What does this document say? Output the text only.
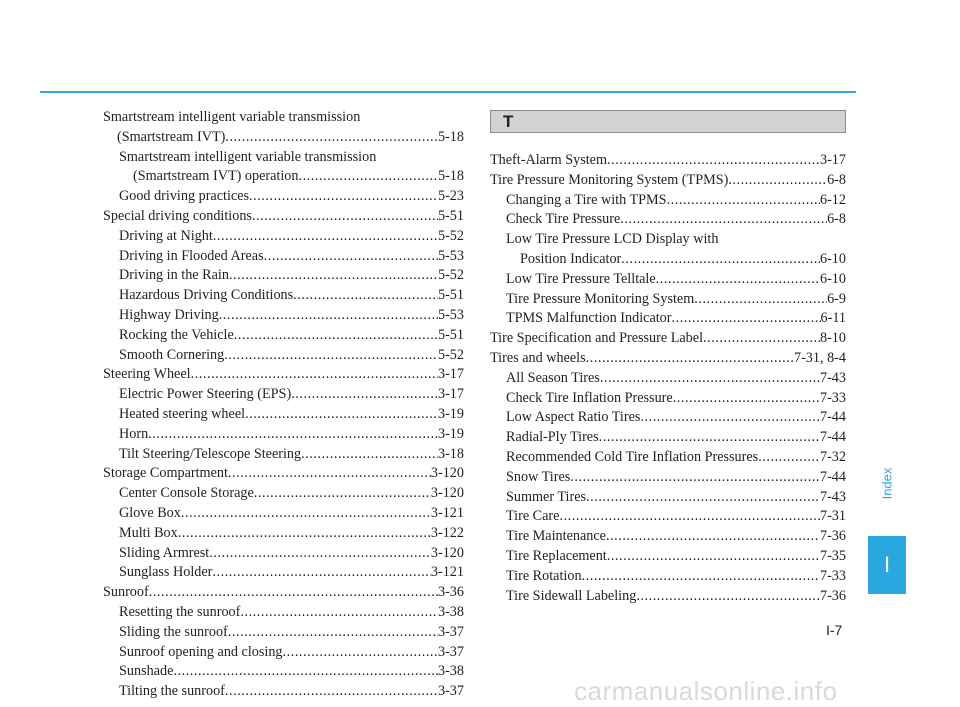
Smartstream intelligent variable transmission
(Smartstream IVT) . . .	5-18
Smartstream intelligent variable transmission
(Smartstream IVT) operation . . .	5-18
Good driving practices . . .	5-23
Special driving conditions . . .	5-51
Driving at Night . . .	5-52
Driving in Flooded Areas . . .	5-53
Driving in the Rain . . .	5-52
Hazardous Driving Conditions . . .	5-51
Highway Driving . . .	5-53
Rocking the Vehicle . . .	5-51
Smooth Cornering . . .	5-52
Steering Wheel . . .	3-17
Electric Power Steering (EPS) . . .	3-17
Heated steering wheel . . .	3-19
Horn . . .	3-19
Tilt Steering/Telescope Steering . . .	3-18
Storage Compartment . . .	3-120
Center Console Storage . . .	3-120
Glove Box . . .	3-121
Multi Box . . .	3-122
Sliding Armrest . . .	3-120
Sunglass Holder . . .	3-121
Sunroof . . .	3-36
Resetting the sunroof . . .	3-38
Sliding the sunroof . . .	3-37
Sunroof opening and closing . . .	3-37
Sunshade . . .	3-38
Tilting the sunroof . . .	3-37
T
Theft-Alarm System . . .	3-17
Tire Pressure Monitoring System (TPMS) . . .	6-8
Changing a Tire with TPMS . . .	6-12
Check Tire Pressure . . .	6-8
Low Tire Pressure LCD Display with
Position Indicator . . .	6-10
Low Tire Pressure Telltale . . .	6-10
Tire Pressure Monitoring System . . .	6-9
TPMS Malfunction Indicator . . .	6-11
Tire Specification and Pressure Label . . .	8-10
Tires and wheels . . .	7-31, 8-4
All Season Tires . . .	7-43
Check Tire Inflation Pressure . . .	7-33
Low Aspect Ratio Tires . . .	7-44
Radial-Ply Tires . . .	7-44
Recommended Cold Tire Inflation Pressures . . .	7-32
Snow Tires . . .	7-44
Summer Tires . . .	7-43
Tire Care . . .	7-31
Tire Maintenance . . .	7-36
Tire Replacement . . .	7-35
Tire Rotation . . .	7-33
Tire Sidewall Labeling . . .	7-36
Index
I
I-7
carmanualsonline.info
